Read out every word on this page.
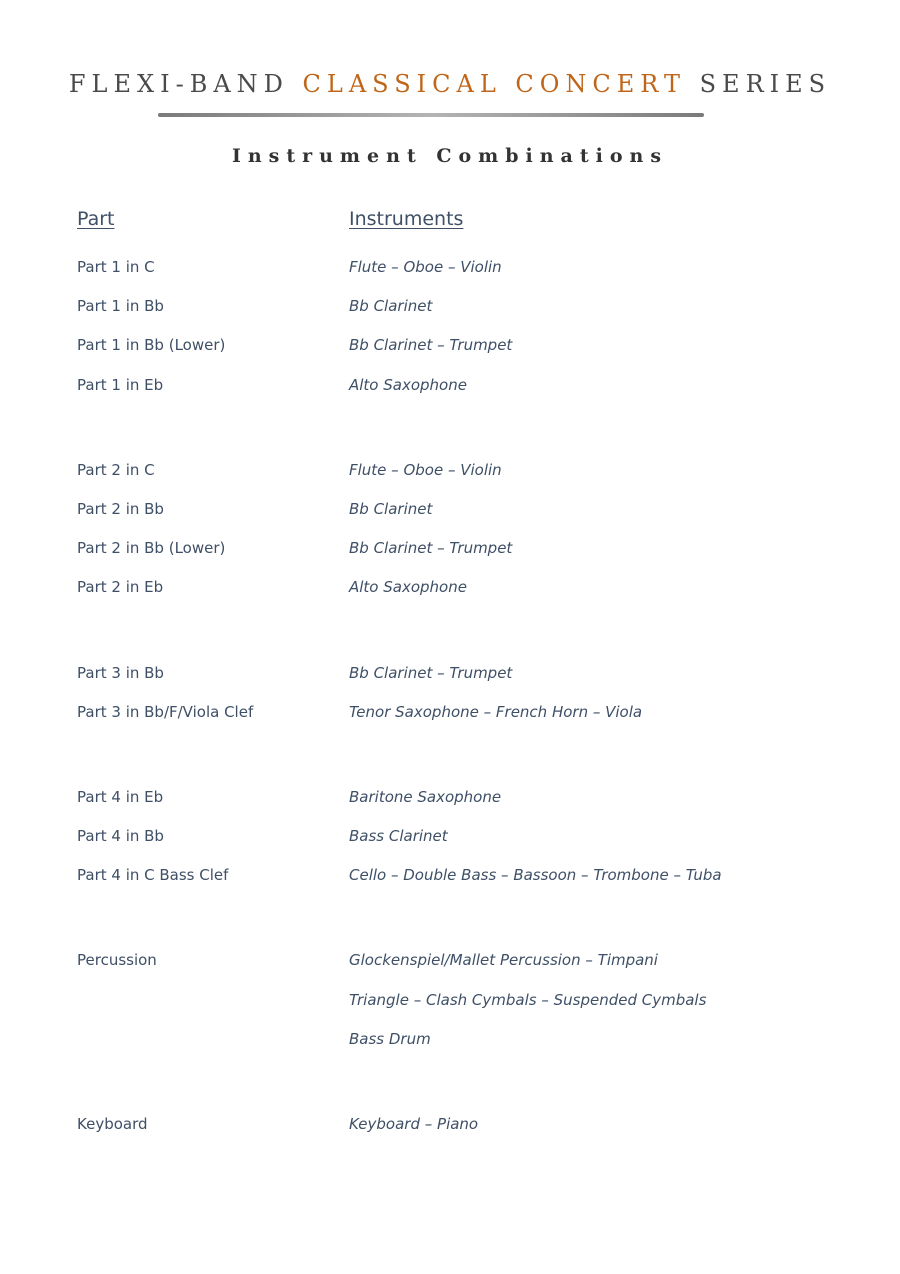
FLEXI-BAND CLASSICAL CONCERT SERIES
Instrument Combinations
Part	Instruments
Part 1 in C	Flute – Oboe – Violin
Part 1 in Bb	Bb Clarinet
Part 1 in Bb (Lower)	Bb Clarinet – Trumpet
Part 1 in Eb	Alto Saxophone
Part 2 in C	Flute – Oboe – Violin
Part 2 in Bb	Bb Clarinet
Part 2 in Bb (Lower)	Bb Clarinet – Trumpet
Part 2 in Eb	Alto Saxophone
Part 3 in Bb	Bb Clarinet – Trumpet
Part 3 in Bb/F/Viola Clef	Tenor Saxophone – French Horn – Viola
Part 4 in Eb	Baritone Saxophone
Part 4 in Bb	Bass Clarinet
Part 4 in C Bass Clef	Cello – Double Bass – Bassoon – Trombone – Tuba
Percussion	Glockenspiel/Mallet Percussion – Timpani
Triangle – Clash Cymbals – Suspended Cymbals
Bass Drum
Keyboard	Keyboard – Piano
